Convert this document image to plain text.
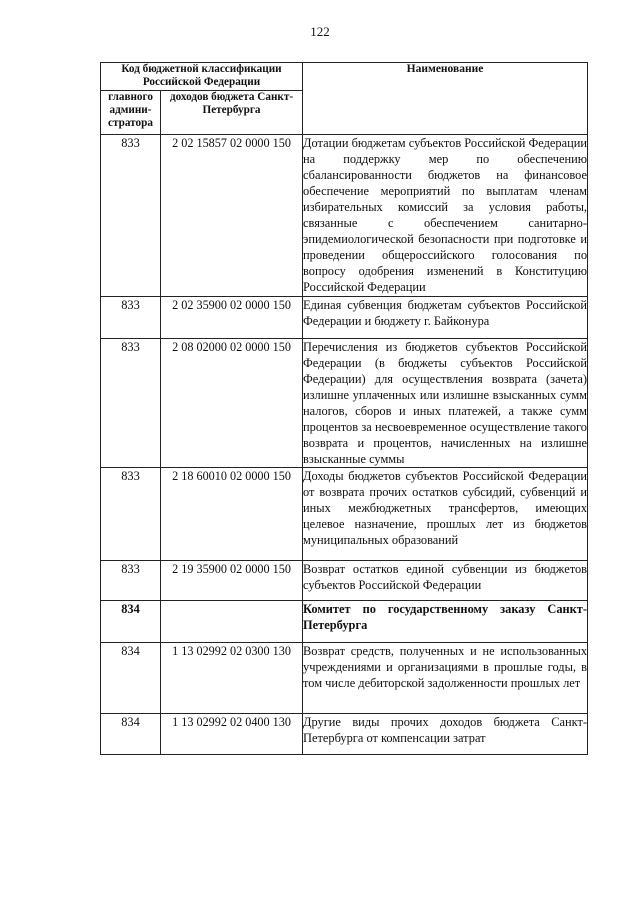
122
Код бюджетной классификации Российской Федерации		Наименование
главного админи-стратора	доходов бюджета Санкт-Петербурга	
833	2 02 15857 02 0000 150	Дотации бюджетам субъектов Российской Федерации на поддержку мер по обеспечению сбалансированности бюджетов на финансовое обеспечение мероприятий по выплатам членам избирательных комиссий за условия работы, связанные с обеспечением санитарно-эпидемиологической безопасности при подготовке и проведении общероссийского голосования по вопросу одобрения изменений в Конституцию Российской Федерации
833	2 02 35900 02 0000 150	Единая субвенция бюджетам субъектов Российской Федерации и бюджету г. Байконура
833	2 08 02000 02 0000 150	Перечисления из бюджетов субъектов Российской Федерации (в бюджеты субъектов Российской Федерации) для осуществления возврата (зачета) излишне уплаченных или излишне взысканных сумм налогов, сборов и иных платежей, а также сумм процентов за несвоевременное осуществление такого возврата и процентов, начисленных на излишне взысканные суммы
833	2 18 60010 02 0000 150	Доходы бюджетов субъектов Российской Федерации от возврата прочих остатков субсидий, субвенций и иных межбюджетных трансфертов, имеющих целевое назначение, прошлых лет из бюджетов муниципальных образований
833	2 19 35900 02 0000 150	Возврат остатков единой субвенции из бюджетов субъектов Российской Федерации
834		Комитет по государственному заказу Санкт-Петербурга
834	1 13 02992 02 0300 130	Возврат средств, полученных и не использованных учреждениями и организациями в прошлые годы, в том числе дебиторской задолженности прошлых лет
834	1 13 02992 02 0400 130	Другие виды прочих доходов бюджета Санкт-Петербурга от компенсации затрат
